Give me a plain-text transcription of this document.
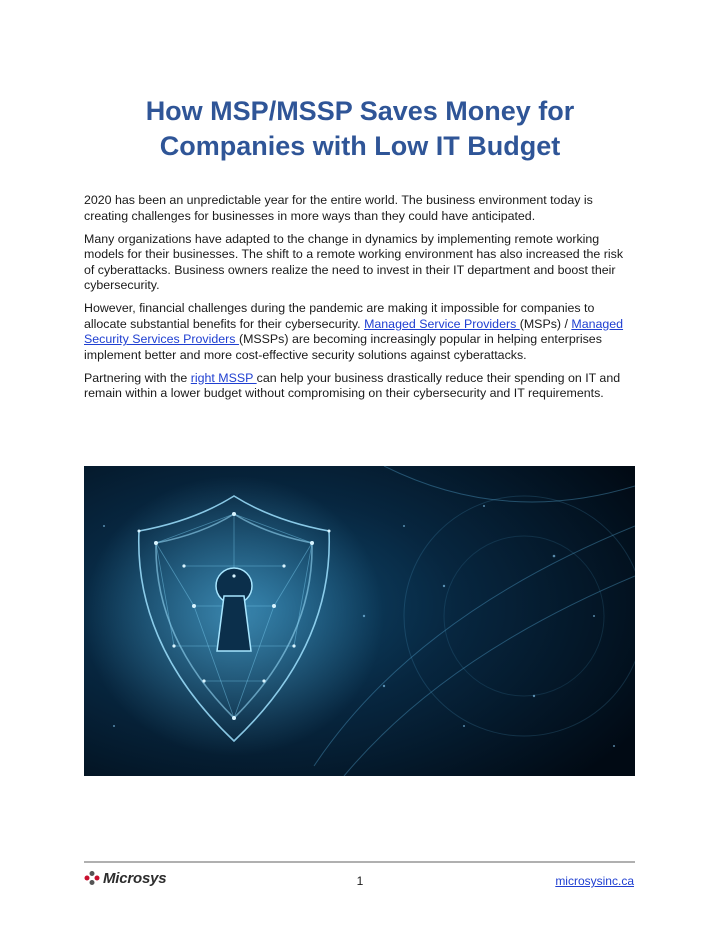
How MSP/MSSP Saves Money for
Companies with Low IT Budget

2020 has been an unpredictable year for the entire world. The business environment today is creating challenges for businesses in more ways than they could have anticipated.

Many organizations have adapted to the change in dynamics by implementing remote working models for their businesses. The shift to a remote working environment has also increased the risk of cyberattacks. Business owners realize the need to invest in their IT department and boost their cybersecurity.

However, financial challenges during the pandemic are making it impossible for companies to allocate substantial benefits for their cybersecurity. Managed Service Providers (MSPs) / Managed Security Services Providers (MSSPs) are becoming increasingly popular in helping enterprises implement better and more cost-effective security solutions against cyberattacks.

Partnering with the right MSSP can help your business drastically reduce their spending on IT and remain within a lower budget without compromising on their cybersecurity and IT requirements.

Microsys	1	microsysinc.ca
